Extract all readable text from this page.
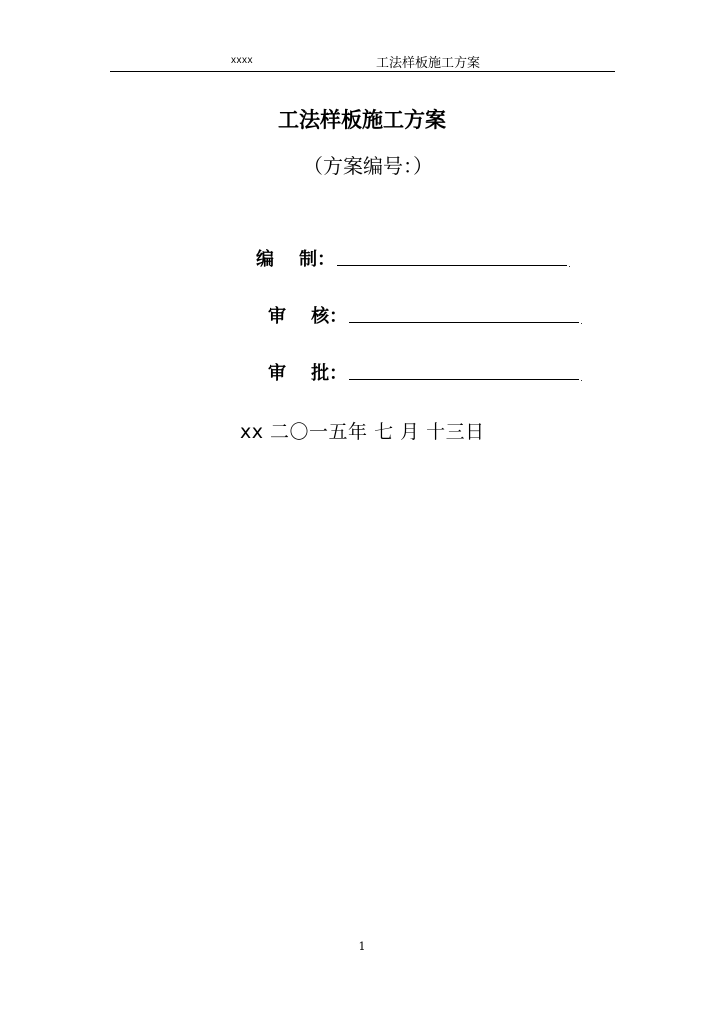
xxxx	工法样板施工方案
工法样板施工方案
（方案编号：）
编    制：	.
审    核：	.
审    批：	.
xx 二〇一五年 七 月 十三日
1
